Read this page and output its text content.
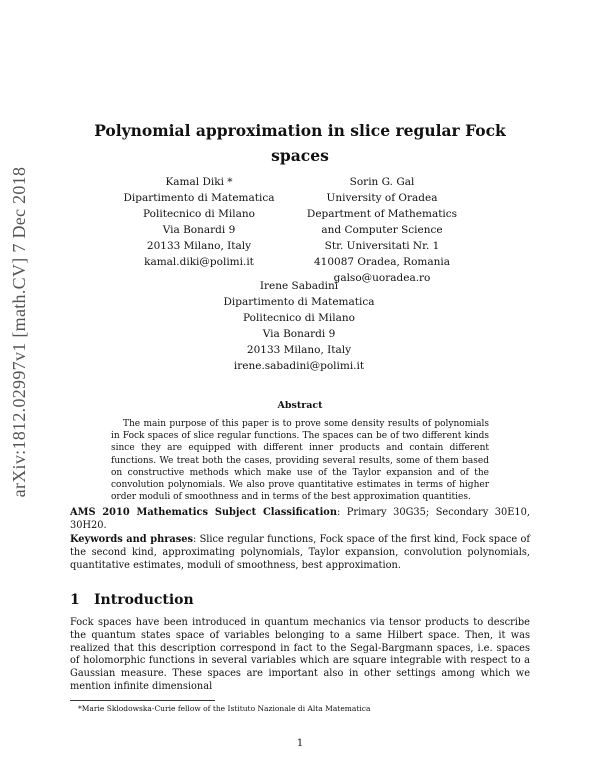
arXiv:1812.02997v1 [math.CV] 7 Dec 2018
Polynomial approximation in slice regular Fock
spaces
Kamal Diki *
Dipartimento di Matematica
Politecnico di Milano
Via Bonardi 9
20133 Milano, Italy
kamal.diki@polimi.it
Sorin G. Gal
University of Oradea
Department of Mathematics
and Computer Science
Str. Universitati Nr. 1
410087 Oradea, Romania
galso@uoradea.ro
Irene Sabadini
Dipartimento di Matematica
Politecnico di Milano
Via Bonardi 9
20133 Milano, Italy
irene.sabadini@polimi.it
Abstract
The main purpose of this paper is to prove some density results of polynomials in Fock spaces of slice regular functions. The spaces can be of two different kinds since they are equipped with different inner products and contain different functions. We treat both the cases, providing several results, some of them based on constructive methods which make use of the Taylor expansion and of the convolution polynomials. We also prove quantitative estimates in terms of higher order moduli of smoothness and in terms of the best approximation quantities.
AMS 2010 Mathematics Subject Classification: Primary 30G35; Secondary 30E10, 30H20.
Keywords and phrases: Slice regular functions, Fock space of the first kind, Fock space of the second kind, approximating polynomials, Taylor expansion, convolution polynomials, quantitative estimates, moduli of smoothness, best approximation.
1 Introduction
Fock spaces have been introduced in quantum mechanics via tensor products to describe the quantum states space of variables belonging to a same Hilbert space. Then, it was realized that this description correspond in fact to the Segal-Bargmann spaces, i.e. spaces of holomorphic functions in several variables which are square integrable with respect to a Gaussian measure. These spaces are important also in other settings among which we mention infinite dimensional
*Marie Sklodowska-Curie fellow of the Istituto Nazionale di Alta Matematica
1
